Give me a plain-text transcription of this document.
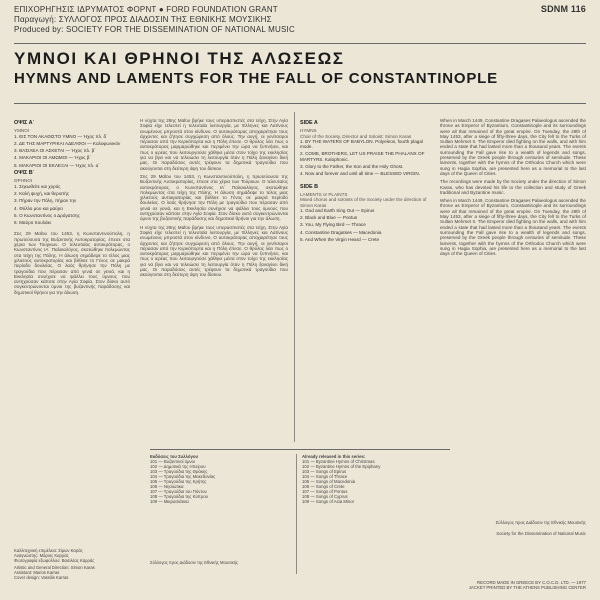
ΕΠΙΧΟΡΗΓΗΣΙΣ ΙΔΡΥΜΑΤΟΣ ΦΟΡΝΤ ● FORD FOUNDATION GRANT	SDNM 116
Παραγωγή: ΣΥΛΛΟΓΟΣ ΠΡΟΣ ΔΙΑΔΟΣΙΝ ΤΗΣ ΕΘΝΙΚΗΣ ΜΟΥΣΙΚΗΣ
Produced by: SOCIETY FOR THE DISSEMINATION OF NATIONAL MUSIC
ΥΜΝΟΙ ΚΑΙ ΘΡΗΝΟΙ ΤΗΣ ΑΛΩΣΕΩΣ
HYMNS AND LAMENTS FOR THE FALL OF CONSTANTINOPLE
ΟΨΙΣ Α΄
ΥΜΝΟΙ
1. ΕΙΣ ΤΟΝ ΑΚΑΘΙΣΤΟ ΥΜΝΟ — Ήχος πλ. δ΄
2. ΔΕ ΤΗΣ ΜΑΡΤΥΡΙΚΑΙ ΑΔΕΛΦΟΙ — Καλοφωνικόν
3. ΒΑΣΙΛΕΑ ΟΙ ΑΣΚΕΤΑΙ — Ήχος πλ. β΄
4. ΜΑΚΑΡΙΟΙ ΟΙ ΑΜΩΜΟΙ — Ήχος β΄
5. ΜΑΚΑΡΙΟΙ ΟΙ ΕΚΛΕΞΑΙ — Ήχος πλ. α΄
ΟΨΙΣ Β΄
ΘΡΗΝΟΙ
1. Σηκωθείτε και χορός
2. Καλή ψυχή, και θεριστής
3. Πήραν την Πόλη, πήραν την
4. Φύλλο μου και μαύρο
5. Ο Κωνσταντίνος ο Δράγατσης
6. Μαύρο πουλάκι

Στις 29 Μαΐου του 1453, η Κωνσταντινούπολη, η πρωτεύουσα της Βυζαντινής Αυτοκρατορίας, έπεσε στα χέρια των Τούρκων. Ο τελευταίος αυτοκράτορας, ο Κωνσταντίνος ΙΑ΄ Παλαιολόγος, σκοτώθηκε πολεμώντας στα τείχη της Πόλης. Η άλωση σημάδεψε το τέλος μιας χιλιετούς αυτοκρατορίας και βύθισε το Γένος σε μακρά περίοδο δουλείας. Ο λαός θρήνησε την Πόλη με τραγούδια που πέρασαν από γενιά σε γενιά, και η Εκκλησία συνέχισε να ψάλλει τους ύμνους που αντηχούσαν κάποτε στην Αγία Σοφία. Στον δίσκο αυτό συγκεντρώνονται ύμνοι της βυζαντινής παράδοσης και δημοτικοί θρήνοι για την άλωση.

Η νύχτα της 28ης Μαΐου βρήκε τους υπερασπιστές στα τείχη. Στην Αγία Σοφία είχε τελεστεί η τελευταία λειτουργία, με Έλληνες και Λατίνους ενωμένους μπροστά στον κίνδυνο. Ο αυτοκράτορας αποχαιρέτησε τους άρχοντες και ζήτησε συγχώρεση από όλους. Την αυγή, οι γενίτσαροι πέρασαν από την Κερκόπορτα και η Πόλη έπεσε. Ο θρύλος λέει πως ο αυτοκράτορας μαρμαρώθηκε και περιμένει την ώρα να ξυπνήσει, και πως ο ιερέας που λειτουργούσε χάθηκε μέσα στον τοίχο της εκκλησίας για να βγει και να τελειώσει τη λειτουργία όταν η Πόλη ξαναγίνει δική μας. Οι παραδόσεις αυτές τρέφουν τα δημοτικά τραγούδια που ακούγονται στη δεύτερη όψη του δίσκου.

Στις 29 Μαΐου του 1453, η Κωνσταντινούπολη, η πρωτεύουσα της Βυζαντινής Αυτοκρατορίας, έπεσε στα χέρια των Τούρκων. Ο τελευταίος αυτοκράτορας, ο Κωνσταντίνος ΙΑ΄ Παλαιολόγος, σκοτώθηκε πολεμώντας στα τείχη της Πόλης. Η άλωση σημάδεψε το τέλος μιας χιλιετούς αυτοκρατορίας και βύθισε το Γένος σε μακρά περίοδο δουλείας. Ο λαός θρήνησε την Πόλη με τραγούδια που πέρασαν από γενιά σε γενιά, και η Εκκλησία συνέχισε να ψάλλει τους ύμνους που αντηχούσαν κάποτε στην Αγία Σοφία. Στον δίσκο αυτό συγκεντρώνονται ύμνοι της βυζαντινής παράδοσης και δημοτικοί θρήνοι για την άλωση.

Η νύχτα της 28ης Μαΐου βρήκε τους υπερασπιστές στα τείχη. Στην Αγία Σοφία είχε τελεστεί η τελευταία λειτουργία, με Έλληνες και Λατίνους ενωμένους μπροστά στον κίνδυνο. Ο αυτοκράτορας αποχαιρέτησε τους άρχοντες και ζήτησε συγχώρεση από όλους. Την αυγή, οι γενίτσαροι πέρασαν από την Κερκόπορτα και η Πόλη έπεσε. Ο θρύλος λέει πως ο αυτοκράτορας μαρμαρώθηκε και περιμένει την ώρα να ξυπνήσει, και πως ο ιερέας που λειτουργούσε χάθηκε μέσα στον τοίχο της εκκλησίας για να βγει και να τελειώσει τη λειτουργία όταν η Πόλη ξαναγίνει δική μας. Οι παραδόσεις αυτές τρέφουν τα δημοτικά τραγούδια που ακούγονται στη δεύτερη όψη του δίσκου.

SIDE A
HYMNS
Choir of the Society, Director and Soloist: Simon Karas
1. BY THE WATERS OF BABYLON. Polyeleos, fourth plagal mode.
2. COME, BROTHERS, LET US PRAISE THE PHALANX OF MARTYRS. Kalophonic.
3. Glory to the Father, the Son and the Holy Ghost.
4. Now and forever and until all time — BLESSED VIRGIN.
SIDE B
LAMENTS or PLAINTS
Mixed chorus and soloists of the Society under the direction of Simon Karas
1. God and Earth Sing Out — Epirus
2. Black and Blue — Pontus
3. You, My Flying Bird — Thrace
4. Constantine Dragatses — Macedonia
5. And When the Virgin Heard — Crete

When in March 1449, Constantine Dragases Palaeologus ascended the throne as Emperor of Byzantium, Constantinople and its surroundings were all that remained of the great empire. On Tuesday, the 29th of May 1453, after a siege of fifty-three days, the City fell to the Turks of Sultan Mehmet II. The Emperor died fighting on the walls, and with him ended a state that had lasted more than a thousand years. The events surrounding the Fall gave rise to a wealth of legends and songs, preserved by the Greek people through centuries of servitude. These laments, together with the hymns of the Orthodox Church which were sung in Hagia Sophia, are presented here as a memorial to the last days of the Queen of Cities.

The recordings were made by the Society under the direction of Simon Karas, who has devoted his life to the collection and study of Greek traditional and Byzantine music.

When in March 1449, Constantine Dragases Palaeologus ascended the throne as Emperor of Byzantium, Constantinople and its surroundings were all that remained of the great empire. On Tuesday, the 29th of May 1453, after a siege of fifty-three days, the City fell to the Turks of Sultan Mehmet II. The Emperor died fighting on the walls, and with him ended a state that had lasted more than a thousand years. The events surrounding the Fall gave rise to a wealth of legends and songs, preserved by the Greek people through centuries of servitude. These laments, together with the hymns of the Orthodox Church which were sung in Hagia Sophia, are presented here as a memorial to the last days of the Queen of Cities.

Εκδόσεις του Συλλόγου
101 — Βυζαντινοί ύμνοι
102 — Δημοτικά της Ηπείρου
103 — Τραγούδια της Θράκης
104 — Τραγούδια της Μακεδονίας
105 — Τραγούδια της Κρήτης
106 — Νησιώτικα
107 — Τραγούδια του Πόντου
108 — Τραγούδια της Κύπρου
109 — Μικρασιάτικα
Already released in this series:
101 — Byzantine Hymns of Christmas
102 — Byzantine Hymns of the Epiphany
103 — Songs of Epirus
104 — Songs of Thrace
105 — Songs of Macedonia
106 — Songs of Crete
107 — Songs of Pontus
108 — Songs of Cyprus
109 — Songs of Asia Minor
Σύλλογος προς Διάδοσιν της Εθνικής Μουσικής
Society for the Dissemination of National Music
RECORD MADE IN GREECE BY C.O.C.D. LTD. — 1977
JACKET PRINTED BY THE ATHENS PUBLISHING CENTER
Καλλιτεχνική επιμέλεια: Σίμων Καράς
Αναγνώστης: Μάριος Καρράς
Φωτογραφία εξωφύλλου: Βασιλέας Καρράς
Artistic and General Direction: Simon Karas
Assistant: Marios Karras
Cover design: Vassilis Karras
Σύλλογος προς Διάδοσιν της Εθνικής Μουσικής
